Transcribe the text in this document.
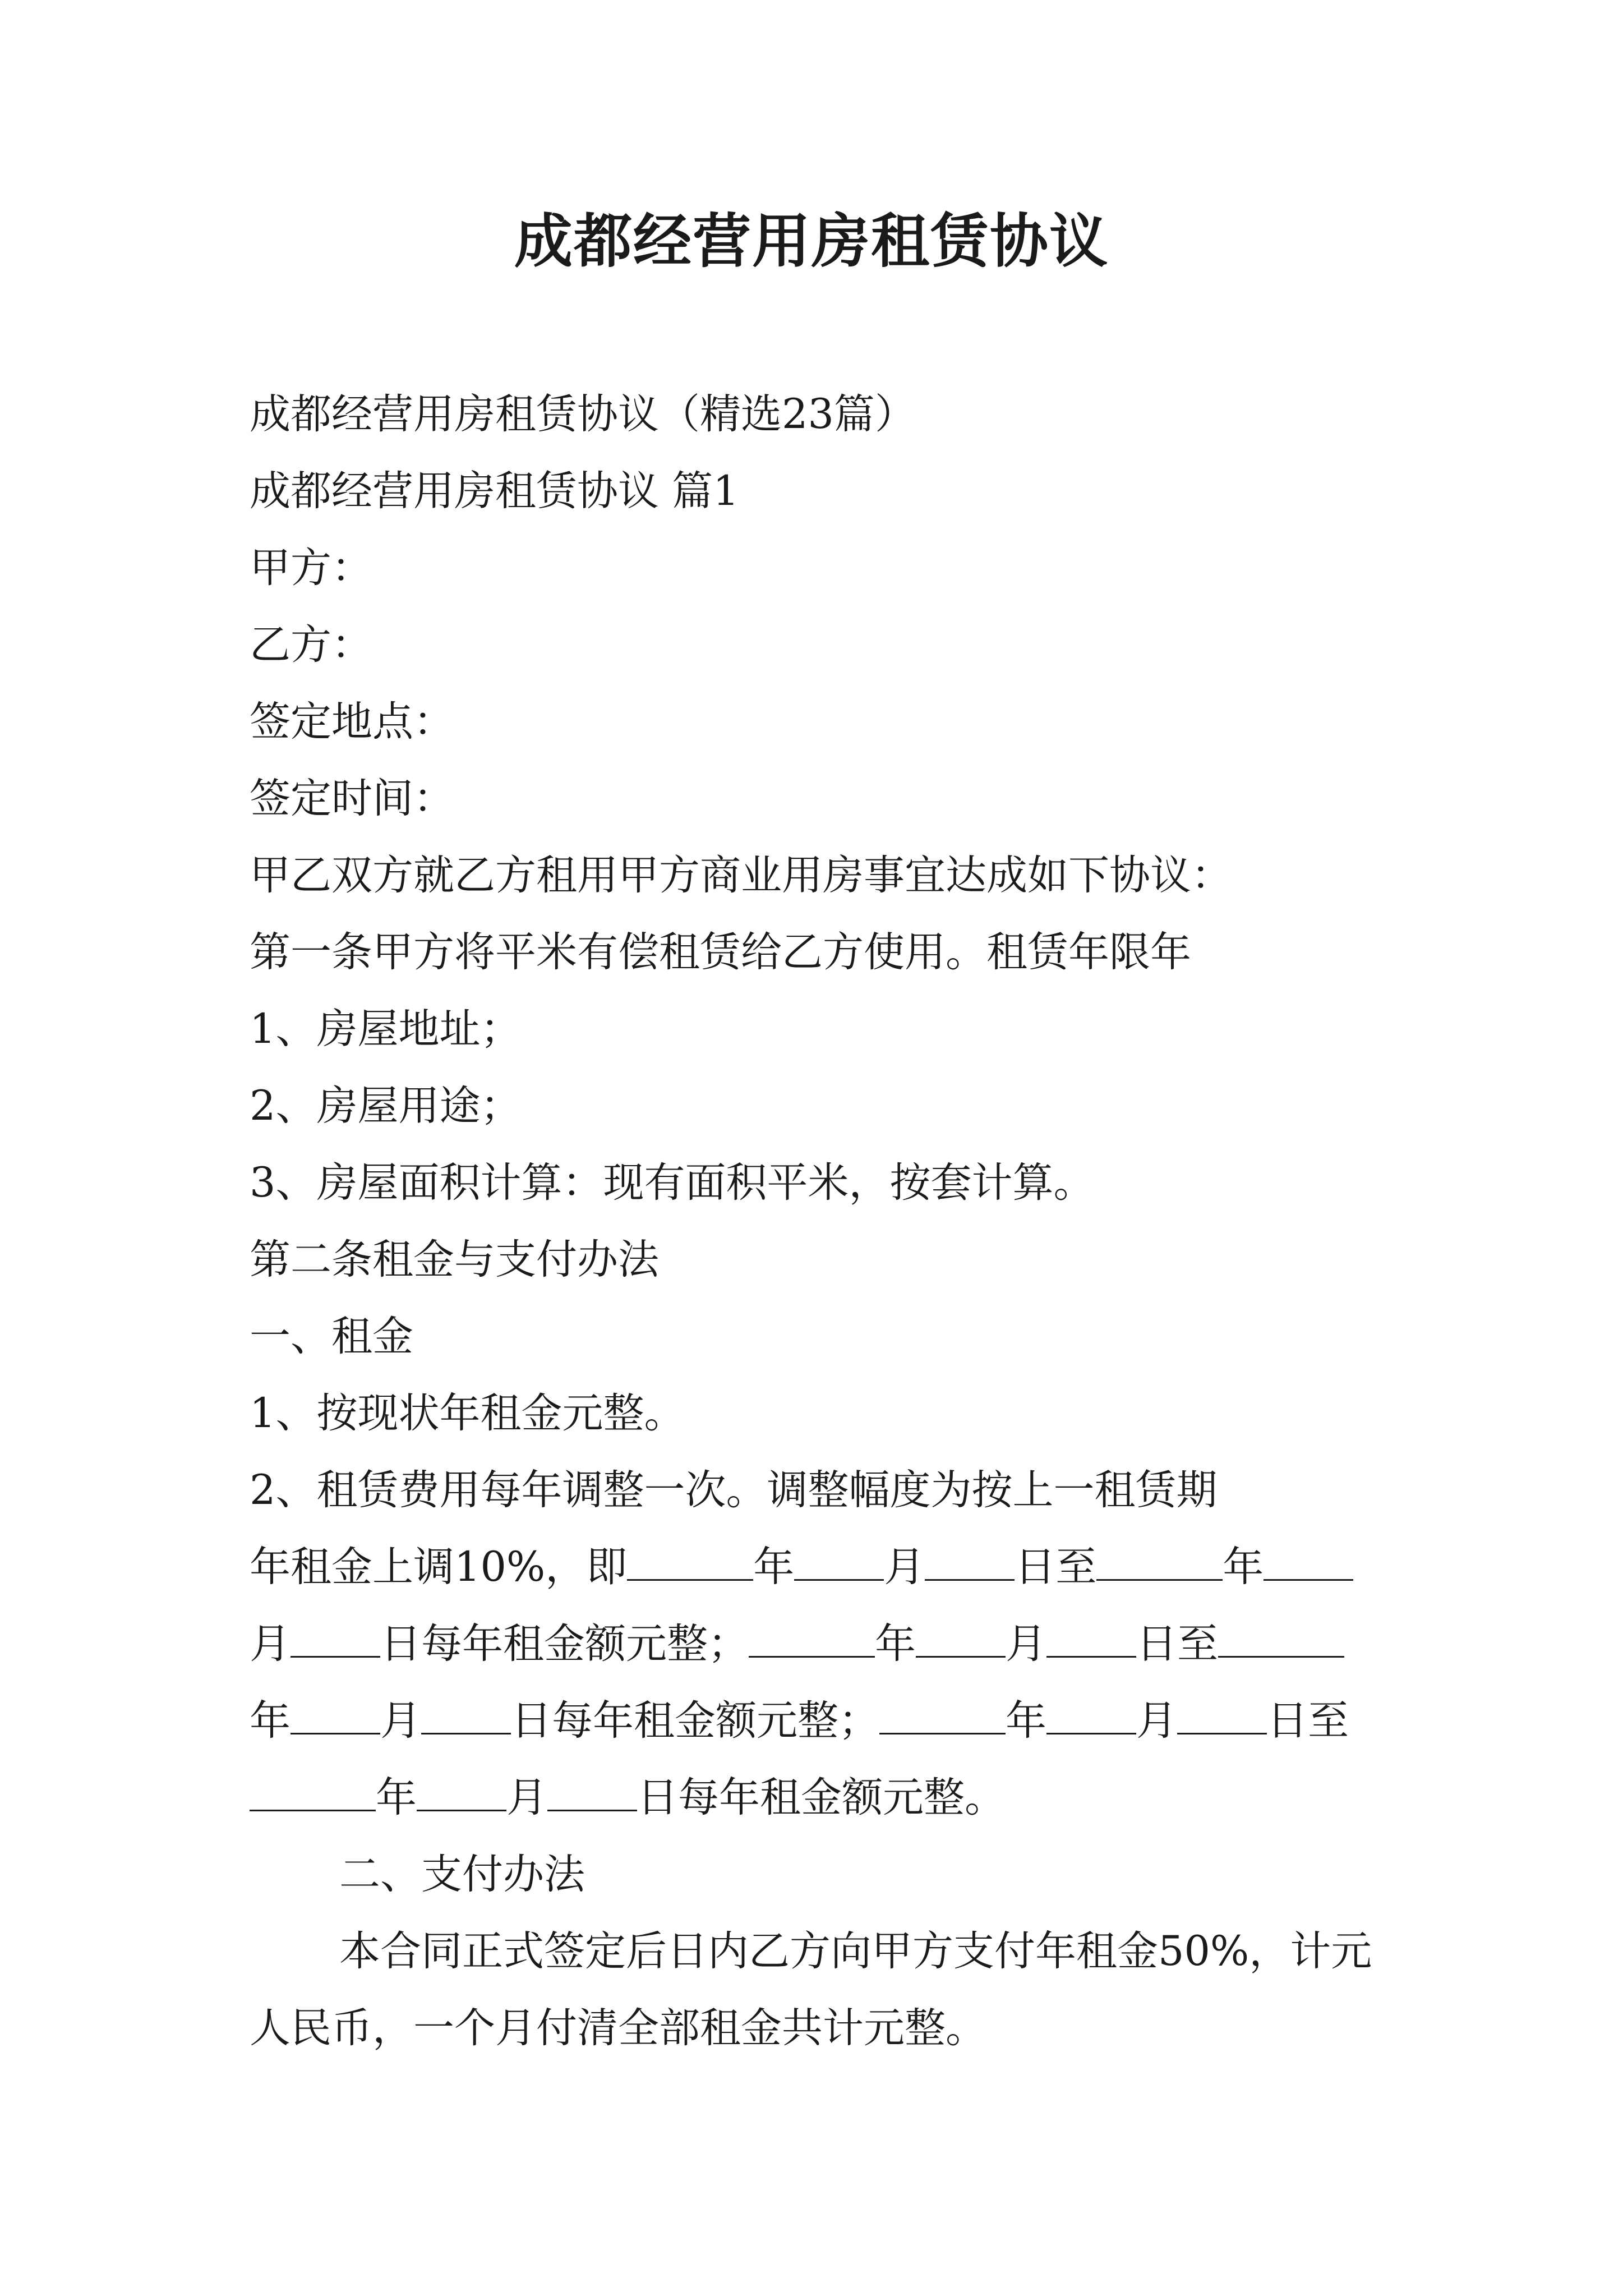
成都经营用房租赁协议

成都经营用房租赁协议（精选23篇）

成都经营用房租赁协议 篇1

甲方：

乙方：

签定地点：

签定时间：

甲乙双方就乙方租用甲方商业用房事宜达成如下协议：

第一条甲方将平米有偿租赁给乙方使用。租赁年限年

1、房屋地址；

2、房屋用途；

3、房屋面积计算：现有面积平米，按套计算。

第二条租金与支付办法

一、租金

1、按现状年租金元整。

2、租赁费用每年调整一次。调整幅度为按上一租赁期

年租金上调10%，即	年 月 日至	年

月 日每年租金额元整；	年 月 日至

年 月 日每年租金额元整；	年 月 日至

年 月 日每年租金额元整。

二、支付办法

本合同正式签定后日内乙方向甲方支付年租金50%，计元人民币，一个月付清全部租金共计元整。
